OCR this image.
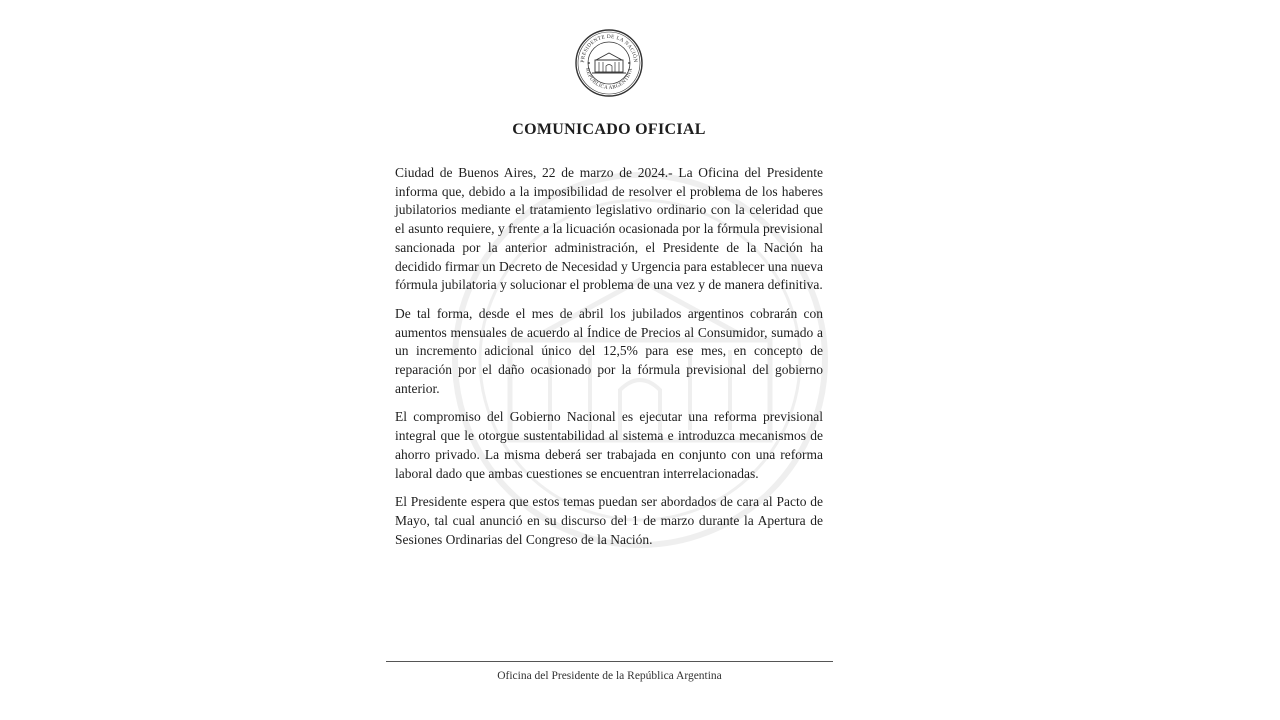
PRESIDENTE DE LA NACIÓN
REPÚBLICA ARGENTINA
COMUNICADO OFICIAL

Ciudad de Buenos Aires, 22 de marzo de 2024.- La Oficina del Presidente informa que, debido a la imposibilidad de resolver el problema de los haberes jubilatorios mediante el tratamiento legislativo ordinario con la celeridad que el asunto requiere, y frente a la licuación ocasionada por la fórmula previsional sancionada por la anterior administración, el Presidente de la Nación ha decidido firmar un Decreto de Necesidad y Urgencia para establecer una nueva fórmula jubilatoria y solucionar el problema de una vez y de manera definitiva.

De tal forma, desde el mes de abril los jubilados argentinos cobrarán con aumentos mensuales de acuerdo al Índice de Precios al Consumidor, sumado a un incremento adicional único del 12,5% para ese mes, en concepto de reparación por el daño ocasionado por la fórmula previsional del gobierno anterior.

El compromiso del Gobierno Nacional es ejecutar una reforma previsional integral que le otorgue sustentabilidad al sistema e introduzca mecanismos de ahorro privado. La misma deberá ser trabajada en conjunto con una reforma laboral dado que ambas cuestiones se encuentran interrelacionadas.

El Presidente espera que estos temas puedan ser abordados de cara al Pacto de Mayo, tal cual anunció en su discurso del 1 de marzo durante la Apertura de Sesiones Ordinarias del Congreso de la Nación.

Oficina del Presidente de la República Argentina
